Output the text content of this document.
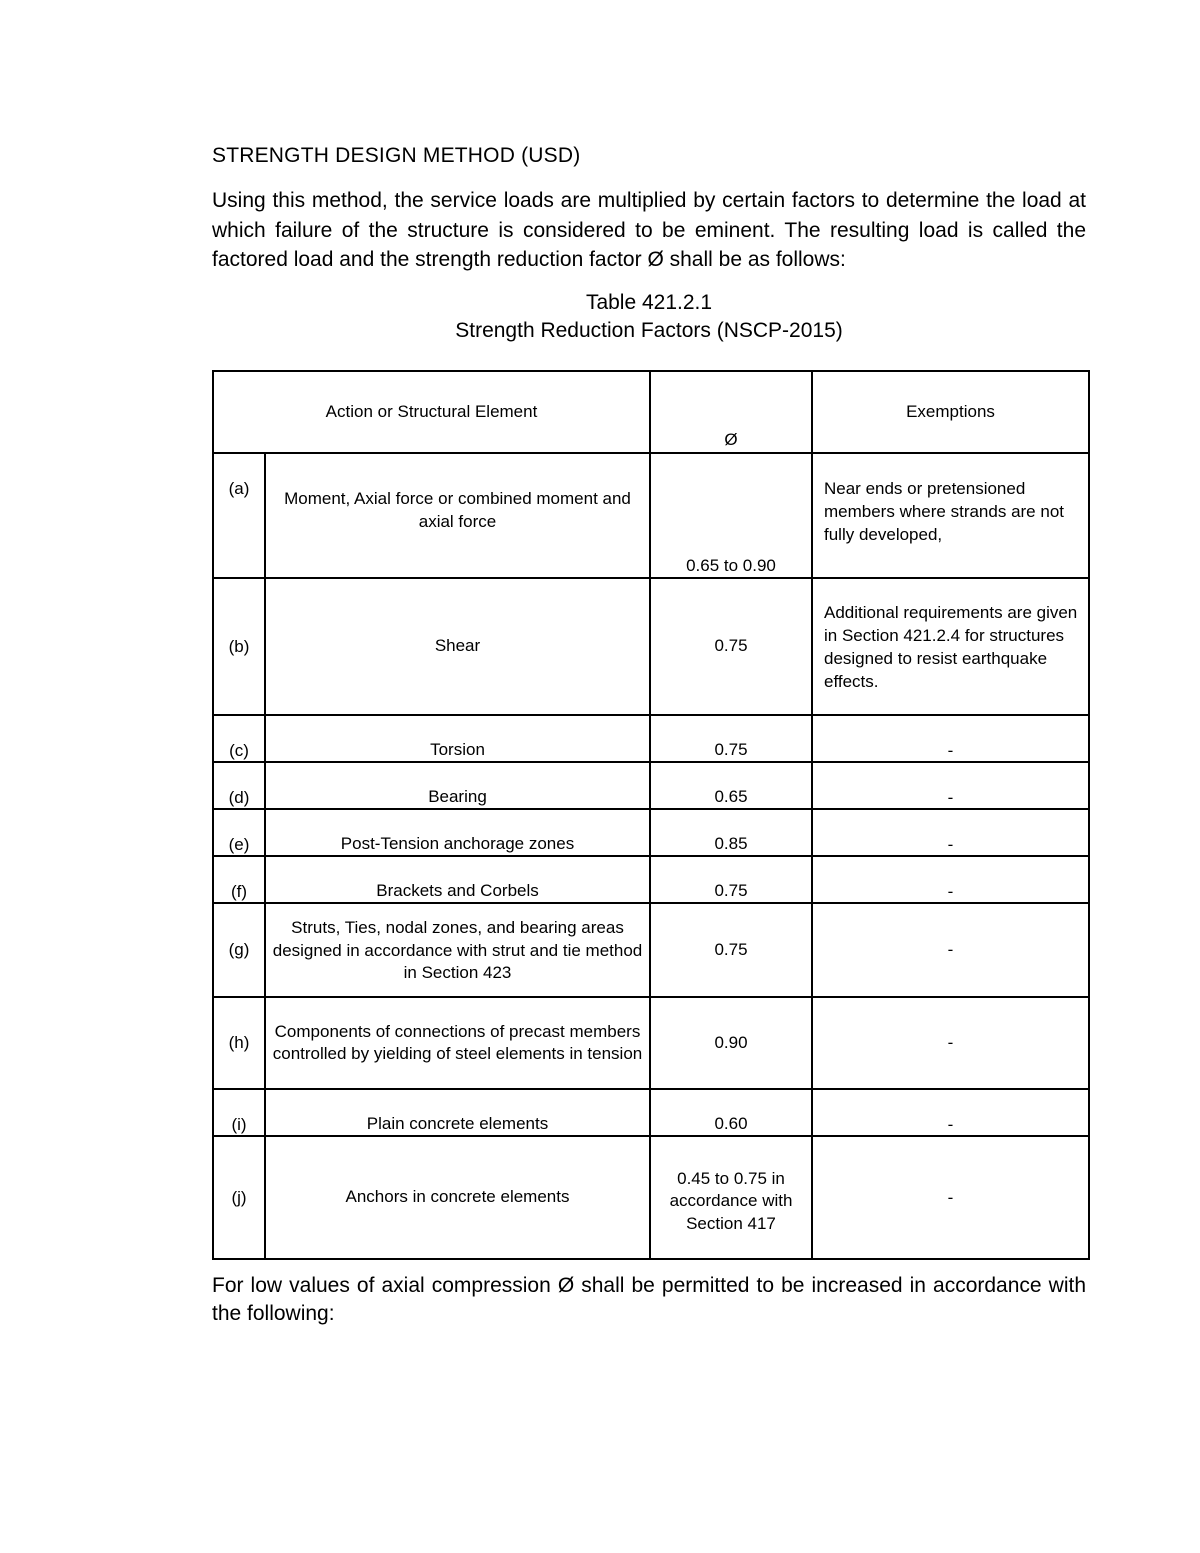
STRENGTH DESIGN METHOD (USD)
Using this method, the service loads are multiplied by certain factors to determine the load at which failure of the structure is considered to be eminent. The resulting load is called the factored load and the strength reduction factor Ø shall be as follows:
Table 421.2.1
Strength Reduction Factors (NSCP-2015)
Action or Structural Element		Ø	Exemptions
(a)	Moment, Axial force or combined moment and axial force	0.65 to 0.90	Near ends or pretensioned members where strands are not fully developed,
(b)	Shear	0.75	Additional requirements are given in Section 421.2.4 for structures designed to resist earthquake effects.
(c)	Torsion	0.75	-
(d)	Bearing	0.65	-
(e)	Post-Tension anchorage zones	0.85	-
(f)	Brackets and Corbels	0.75	-
(g)	Struts, Ties, nodal zones, and bearing areas designed in accordance with strut and tie method in Section 423	0.75	-
(h)	Components of connections of precast members controlled by yielding of steel elements in tension	0.90	-
(i)	Plain concrete elements	0.60	-
(j)	Anchors in concrete elements	0.45 to 0.75 in accordance with Section 417	-
For low values of axial compression Ø shall be permitted to be increased in accordance with the following:
